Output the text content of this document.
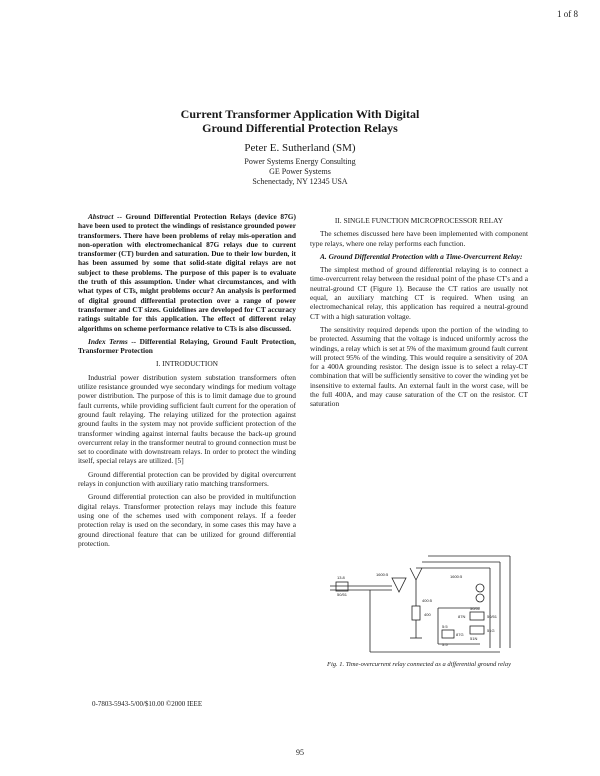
1 of 8
Current Transformer Application With Digital
Ground Differential Protection Relays
Peter E. Sutherland (SM)
Power Systems Energy Consulting
GE Power Systems
Schenectady, NY 12345 USA

Abstract -- Ground Differential Protection Relays (device 87G) have been used to protect the windings of resistance grounded power transformers. There have been problems of relay mis-operation and non-operation with electromechanical 87G relays due to current transformer (CT) burden and saturation. Due to their low burden, it has been assumed by some that solid-state digital relays are not subject to these problems. The purpose of this paper is to evaluate the truth of this assumption. Under what circumstances, and with what types of CTs, might problems occur? An analysis is performed of digital ground differential protection over a range of power transformer and CT sizes. Guidelines are developed for CT accuracy ratings suitable for this application. The effect of different relay algorithms on scheme performance relative to CTs is also discussed.

Index Terms -- Differential Relaying, Ground Fault Protection, Transformer Protection

I. INTRODUCTION

Industrial power distribution system substation transformers often utilize resistance grounded wye secondary windings for medium voltage power distribution. The purpose of this is to limit damage due to ground fault currents, while providing sufficient fault current for the operation of ground fault relaying. The relaying utilized for the protection against ground faults in the system may not provide sufficient protection of the transformer winding against internal faults because the back-up ground overcurrent relay in the transformer neutral to ground connection must be set to coordinate with downstream relays. In order to protect the winding itself, special relays are utilized. [5]

Ground differential protection can be provided by digital overcurrent relays in conjunction with auxiliary ratio matching transformers.

Ground differential protection can also be provided in multifunction digital relays. Transformer protection relays may include this feature using one of the schemes used with component relays. If a feeder protection relay is used on the secondary, in some cases this may have a ground directional feature that can be utilized for ground differential protection.

II. SINGLE FUNCTION MICROPROCESSOR RELAY

The schemes discussed here have been implemented with component type relays, where one relay performs each function.

A. Ground Differential Protection with a Time-Overcurrent Relay:

The simplest method of ground differential relaying is to connect a time-overcurrent relay between the residual point of the phase CT's and a neutral-ground CT (Figure 1). Because the CT ratios are usually not equal, an auxiliary matching CT is required. When using an electromechanical relay, this application has required a neutral-ground CT with a high saturation voltage.

The sensitivity required depends upon the portion of the winding to be protected. Assuming that the voltage is induced uniformly across the windings, a relay which is set at 5% of the maximum ground fault current will protect 95% of the winding. This would require a sensitivity of 20A for a 400A grounding resistor. The design issue is to select a relay-CT combination that will be sufficiently sensitive to cover the winding yet be insensitive to external faults. An external fault in the worst case, will be the full 400A, and may cause saturation of the CT on the resistor. CT saturation

13.8
1600:5
400:5
1600:5
50/51
87N
50/51
51N
400
5:5
5:5
50/51
51G
87G
Fig. 1. Time-overcurrent relay connected as a differential ground relay
0-7803-5943-5/00/$10.00 ©2000 IEEE
95
